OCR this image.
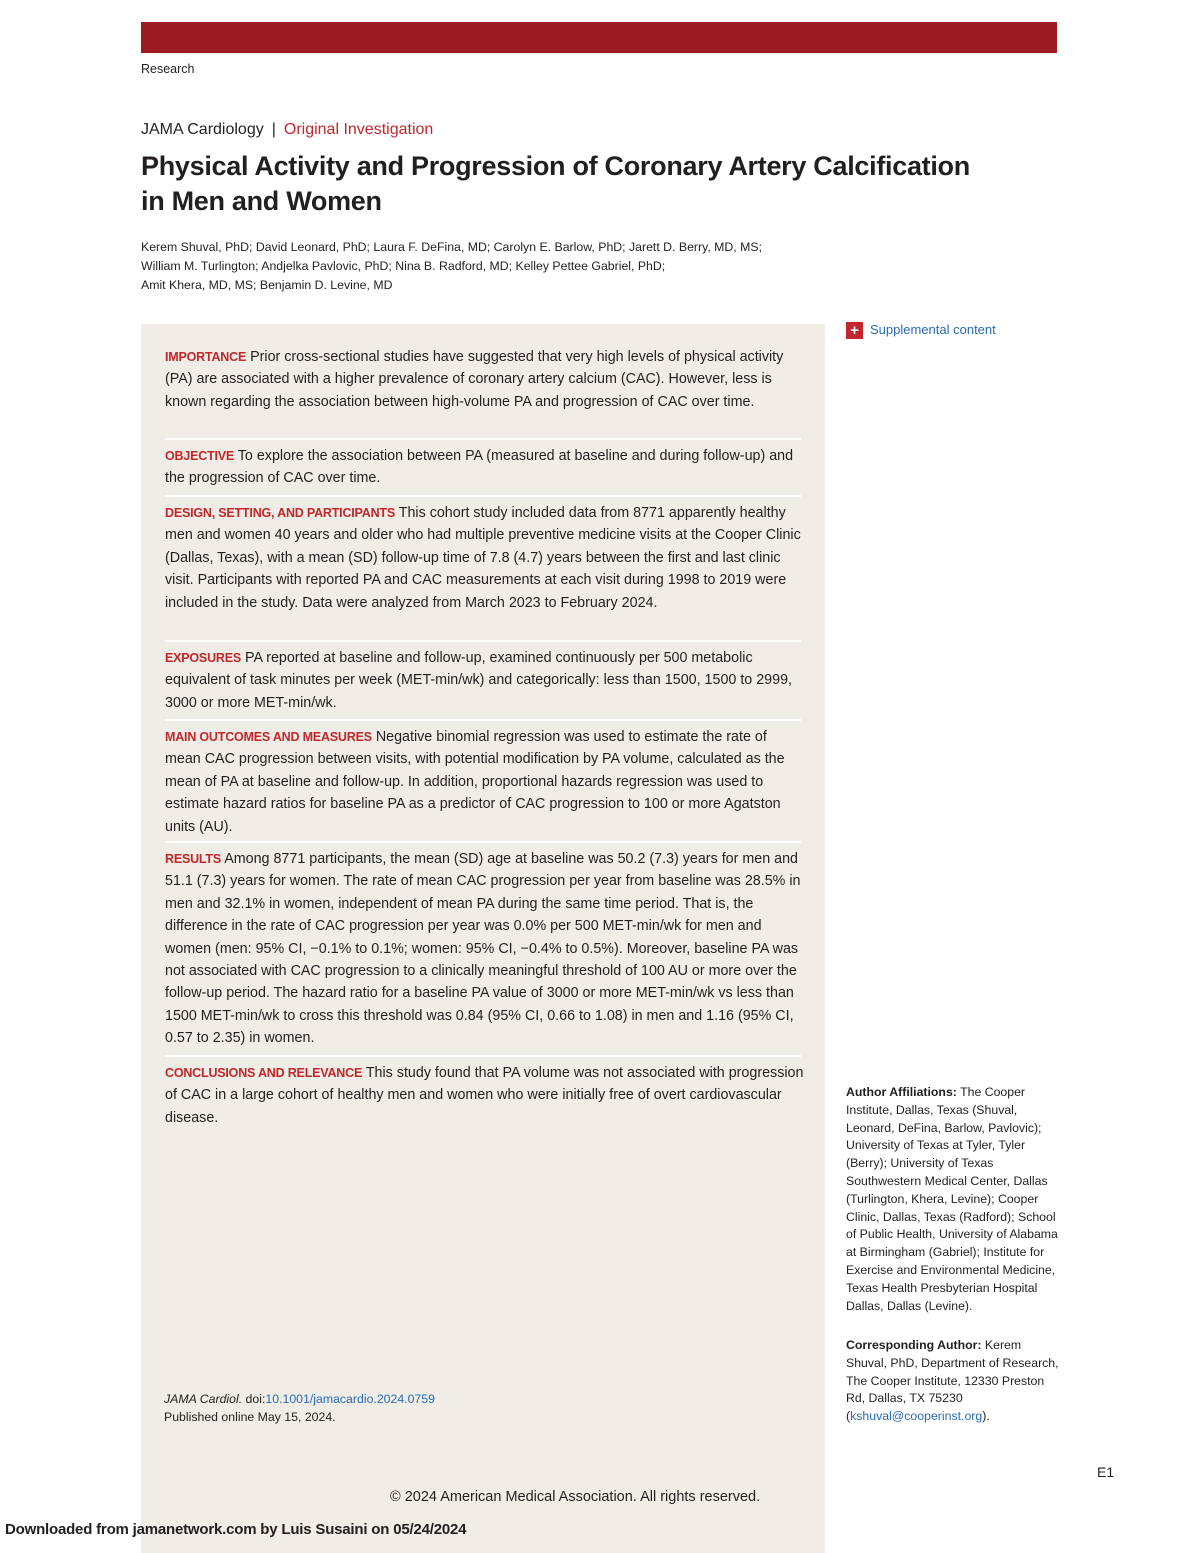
Research
JAMA Cardiology | Original Investigation
Physical Activity and Progression of Coronary Artery Calcification
in Men and Women

Kerem Shuval, PhD; David Leonard, PhD; Laura F. DeFina, MD; Carolyn E. Barlow, PhD; Jarett D. Berry, MD, MS;
William M. Turlington; Andjelka Pavlovic, PhD; Nina B. Radford, MD; Kelley Pettee Gabriel, PhD;
Amit Khera, MD, MS; Benjamin D. Levine, MD

IMPORTANCE Prior cross-sectional studies have suggested that very high levels of physical activity (PA) are associated with a higher prevalence of coronary artery calcium (CAC). However, less is known regarding the association between high-volume PA and progression of CAC over time.

OBJECTIVE To explore the association between PA (measured at baseline and during follow-up) and the progression of CAC over time.

DESIGN, SETTING, AND PARTICIPANTS This cohort study included data from 8771 apparently healthy men and women 40 years and older who had multiple preventive medicine visits at the Cooper Clinic (Dallas, Texas), with a mean (SD) follow-up time of 7.8 (4.7) years between the first and last clinic visit. Participants with reported PA and CAC measurements at each visit during 1998 to 2019 were included in the study. Data were analyzed from March 2023 to February 2024.

EXPOSURES PA reported at baseline and follow-up, examined continuously per 500 metabolic equivalent of task minutes per week (MET-min/wk) and categorically: less than 1500, 1500 to 2999, 3000 or more MET-min/wk.

MAIN OUTCOMES AND MEASURES Negative binomial regression was used to estimate the rate of mean CAC progression between visits, with potential modification by PA volume, calculated as the mean of PA at baseline and follow-up. In addition, proportional hazards regression was used to estimate hazard ratios for baseline PA as a predictor of CAC progression to 100 or more Agatston units (AU).

RESULTS Among 8771 participants, the mean (SD) age at baseline was 50.2 (7.3) years for men and 51.1 (7.3) years for women. The rate of mean CAC progression per year from baseline was 28.5% in men and 32.1% in women, independent of mean PA during the same time period. That is, the difference in the rate of CAC progression per year was 0.0% per 500 MET-min/wk for men and women (men: 95% CI, −0.1% to 0.1%; women: 95% CI, −0.4% to 0.5%). Moreover, baseline PA was not associated with CAC progression to a clinically meaningful threshold of 100 AU or more over the follow-up period. The hazard ratio for a baseline PA value of 3000 or more MET-min/wk vs less than 1500 MET-min/wk to cross this threshold was 0.84 (95% CI, 0.66 to 1.08) in men and 1.16 (95% CI, 0.57 to 2.35) in women.

CONCLUSIONS AND RELEVANCE This study found that PA volume was not associated with progression of CAC in a large cohort of healthy men and women who were initially free of overt cardiovascular disease.

JAMA Cardiol. doi:10.1001/jamacardio.2024.0759
Published online May 15, 2024.
+ Supplemental content
Author Affiliations: The Cooper Institute, Dallas, Texas (Shuval, Leonard, DeFina, Barlow, Pavlovic); University of Texas at Tyler, Tyler (Berry); University of Texas Southwestern Medical Center, Dallas (Turlington, Khera, Levine); Cooper Clinic, Dallas, Texas (Radford); School of Public Health, University of Alabama at Birmingham (Gabriel); Institute for Exercise and Environmental Medicine, Texas Health Presbyterian Hospital Dallas, Dallas (Levine).
Corresponding Author: Kerem Shuval, PhD, Department of Research, The Cooper Institute, 12330 Preston Rd, Dallas, TX 75230 (kshuval@cooperinst.org).
E1
© 2024 American Medical Association. All rights reserved.
Downloaded from jamanetwork.com by Luis Susaini on 05/24/2024
